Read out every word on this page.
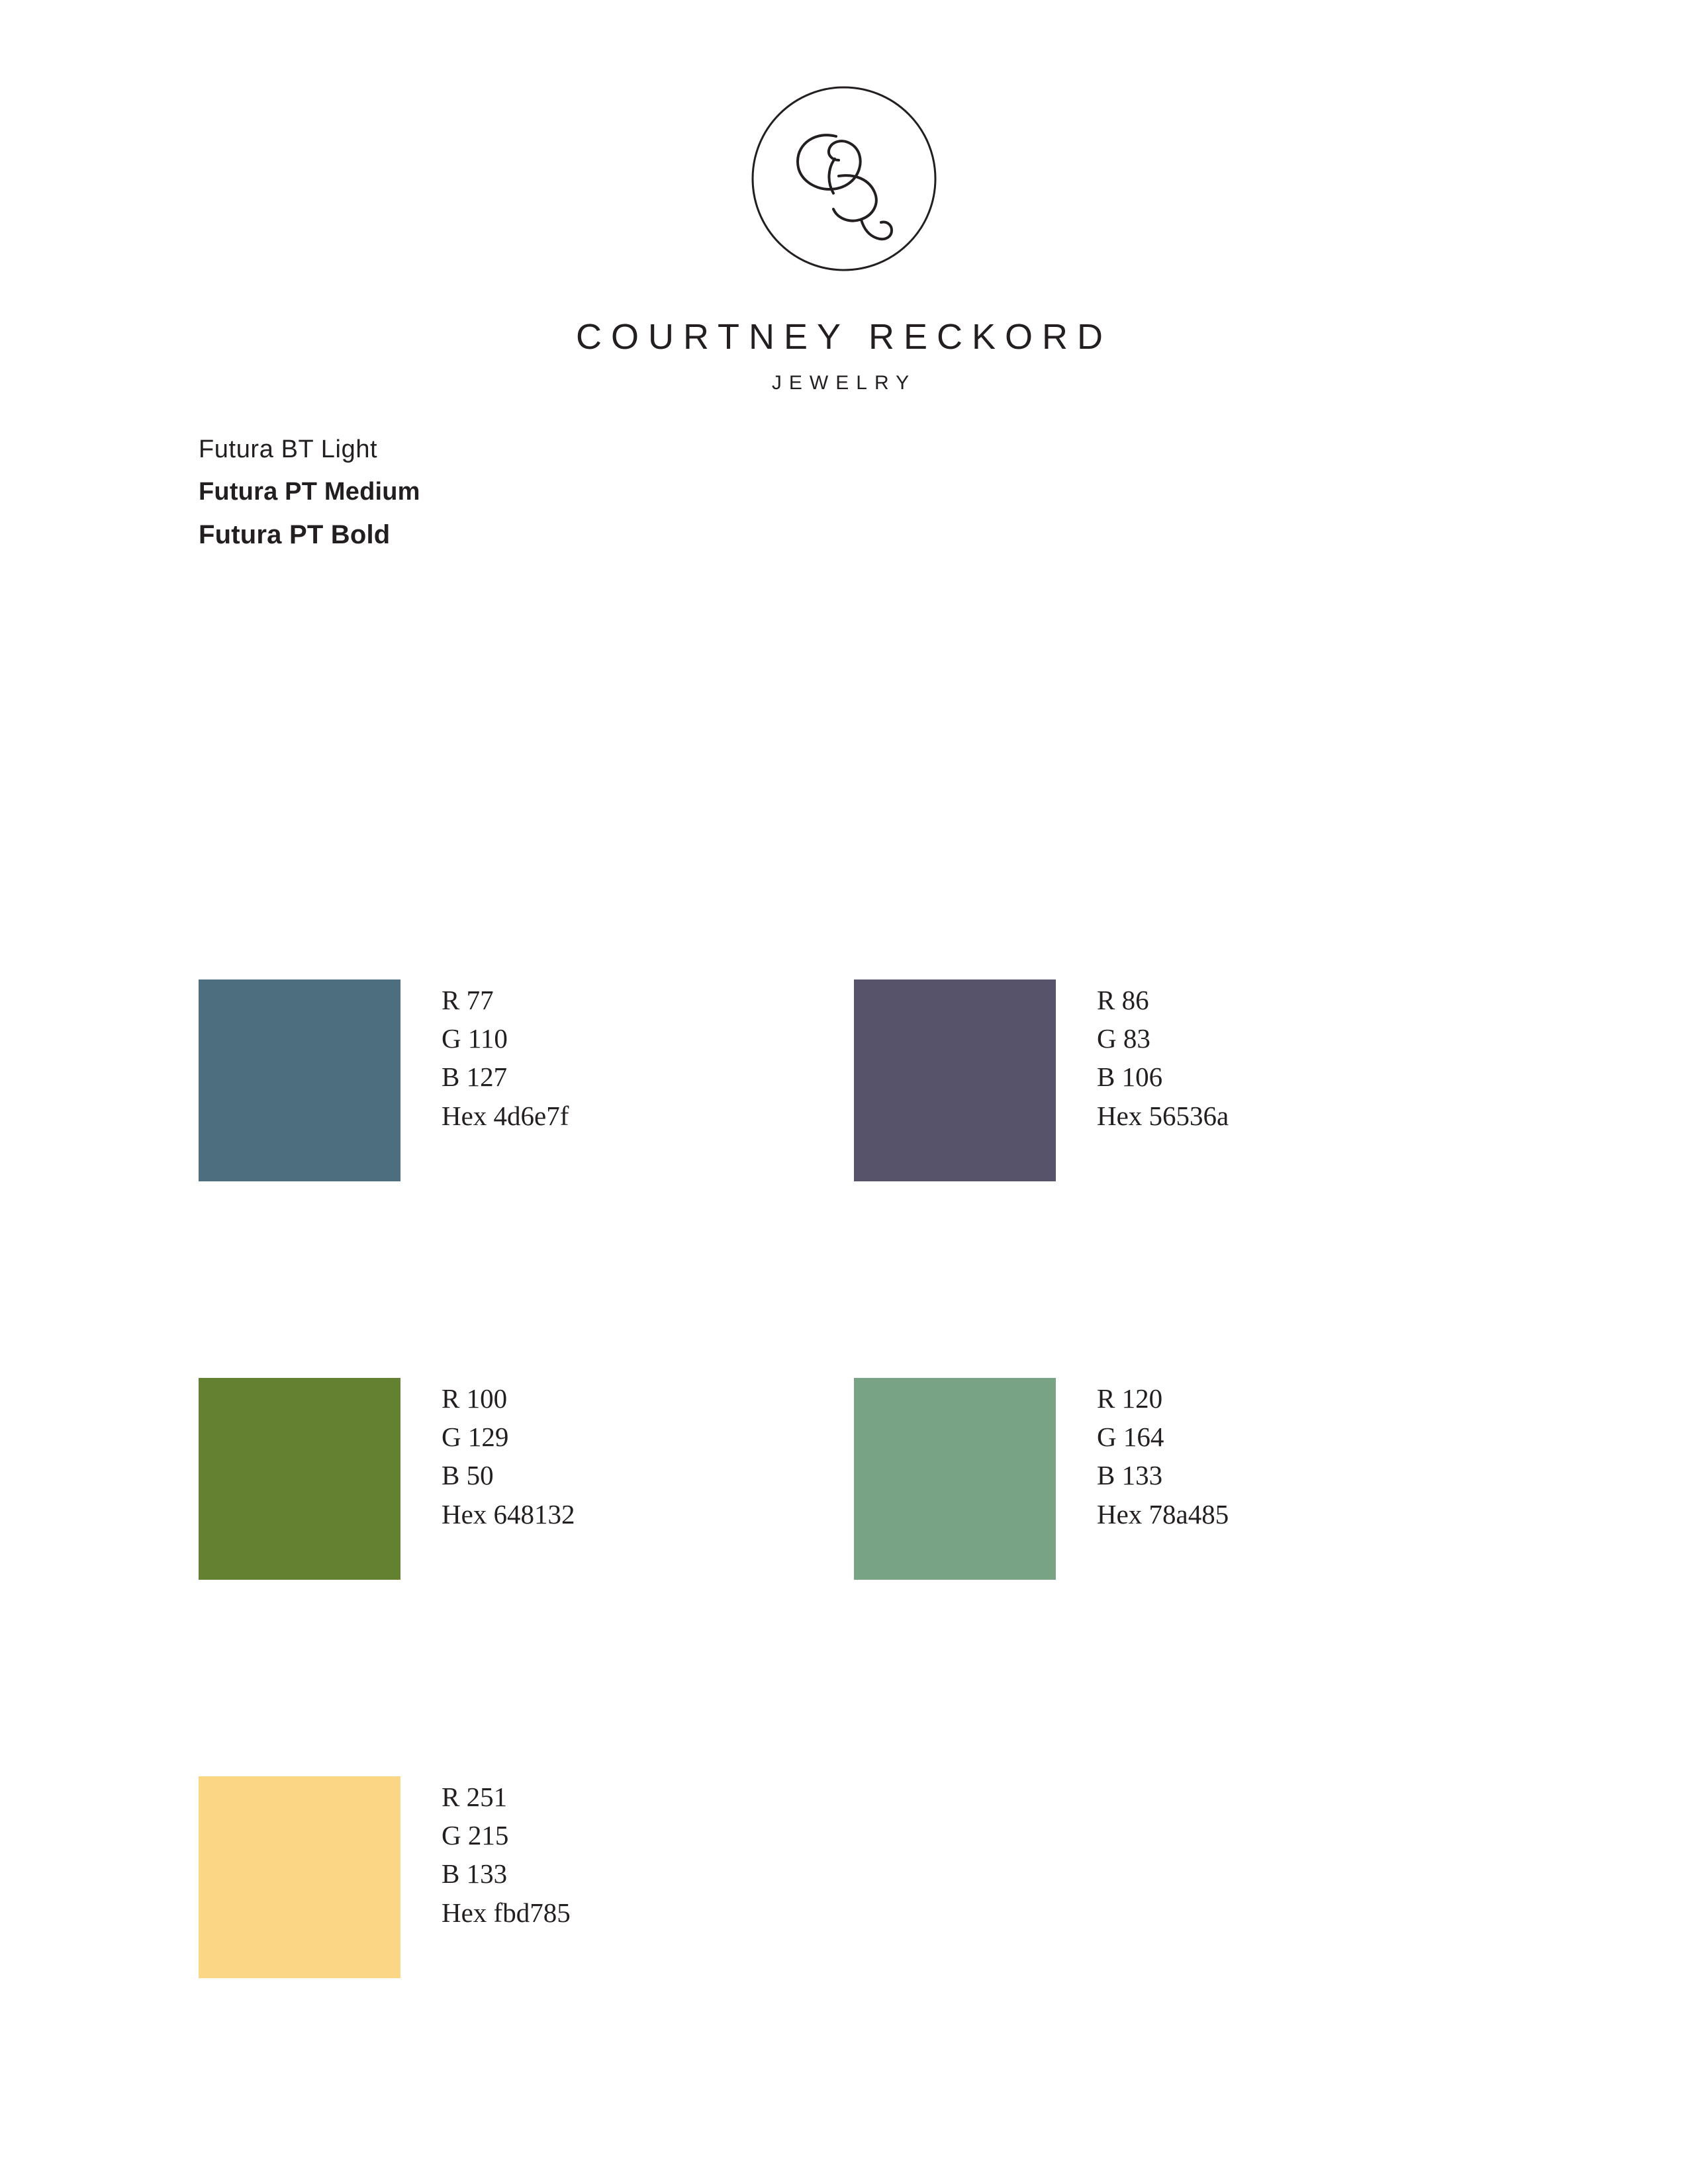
COURTNEY RECKORD
JEWELRY
Futura BT Light
Futura PT Medium
Futura PT Bold
R 77
G 110
B 127
Hex 4d6e7f
R 86
G 83
B 106
Hex 56536a
R 100
G 129
B 50
Hex 648132
R 120
G 164
B 133
Hex 78a485
R 251
G 215
B 133
Hex fbd785
